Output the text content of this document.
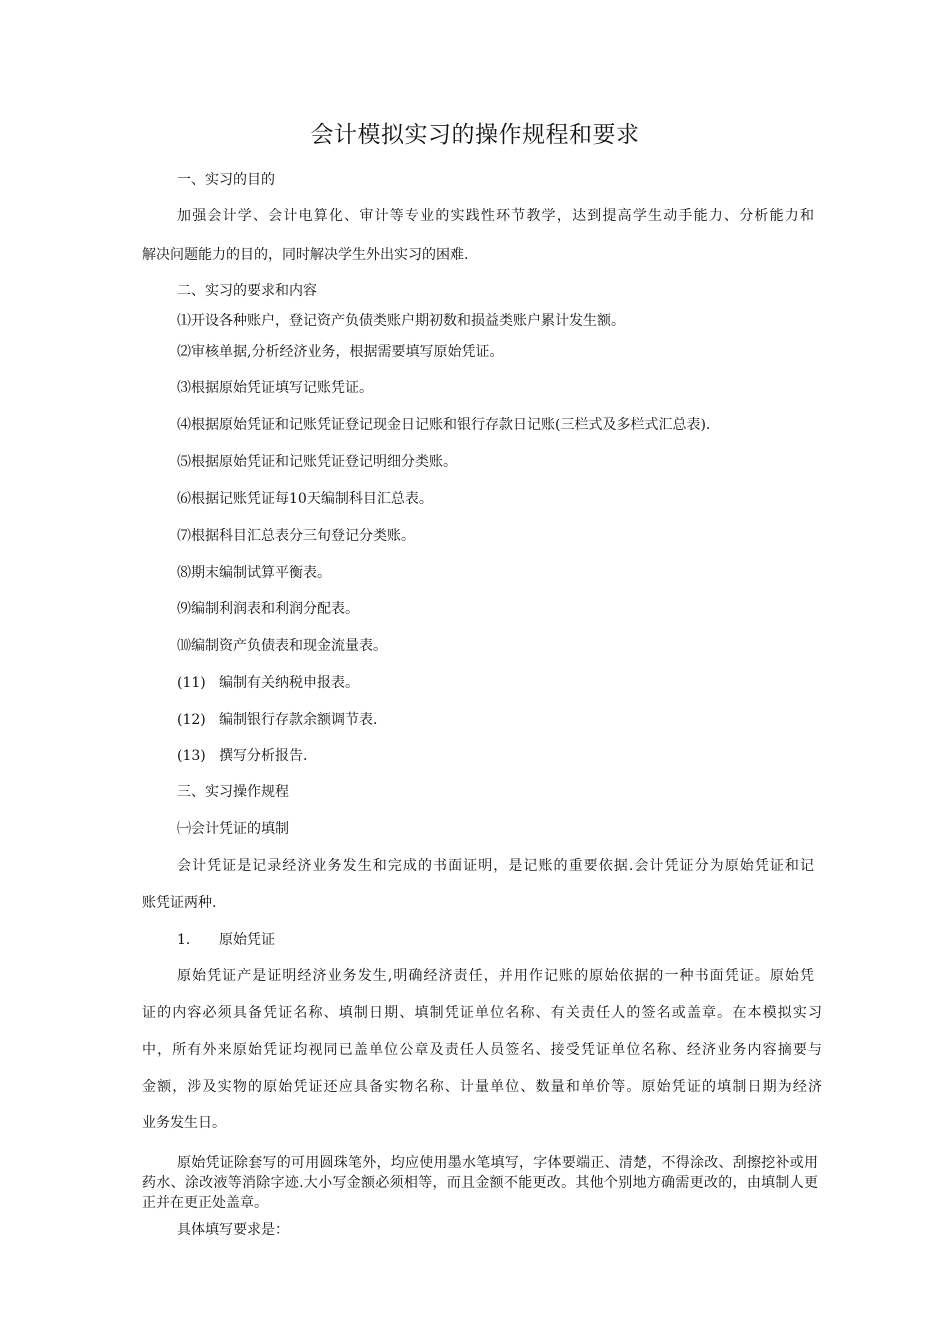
会计模拟实习的操作规程和要求
一、实习的目的
加强会计学、会计电算化、审计等专业的实践性环节教学，达到提高学生动手能力、分析能力和
解决问题能力的目的，同时解决学生外出实习的困难.
二、实习的要求和内容
⑴开设各种账户，登记资产负债类账户期初数和损益类账户累计发生额。
⑵审核单据,分析经济业务，根据需要填写原始凭证。
⑶根据原始凭证填写记账凭证。
⑷根据原始凭证和记账凭证登记现金日记账和银行存款日记账(三栏式及多栏式汇总表).
⑸根据原始凭证和记账凭证登记明细分类账。
⑹根据记账凭证每10天编制科目汇总表。
⑺根据科目汇总表分三旬登记分类账。
⑻期末编制试算平衡表。
⑼编制利润表和利润分配表。
⑽编制资产负债表和现金流量表。
(11) 编制有关纳税申报表。
(12) 编制银行存款余额调节表.
(13) 撰写分析报告.
三、实习操作规程
㈠会计凭证的填制
会计凭证是记录经济业务发生和完成的书面证明，是记账的重要依据.会计凭证分为原始凭证和记
账凭证两种.
1. 原始凭证
原始凭证产是证明经济业务发生,明确经济责任，并用作记账的原始依据的一种书面凭证。原始凭
证的内容必须具备凭证名称、填制日期、填制凭证单位名称、有关责任人的签名或盖章。在本模拟实习
中，所有外来原始凭证均视同已盖单位公章及责任人员签名、接受凭证单位名称、经济业务内容摘要与
金额，涉及实物的原始凭证还应具备实物名称、计量单位、数量和单价等。原始凭证的填制日期为经济
业务发生日。
原始凭证除套写的可用圆珠笔外，均应使用墨水笔填写，字体要端正、清楚，不得涂改、刮擦挖补或用药水、涂改液等消除字迹.大小写金额必须相等，而且金额不能更改。其他个别地方确需更改的，由填制人更正并在更正处盖章。
具体填写要求是：
